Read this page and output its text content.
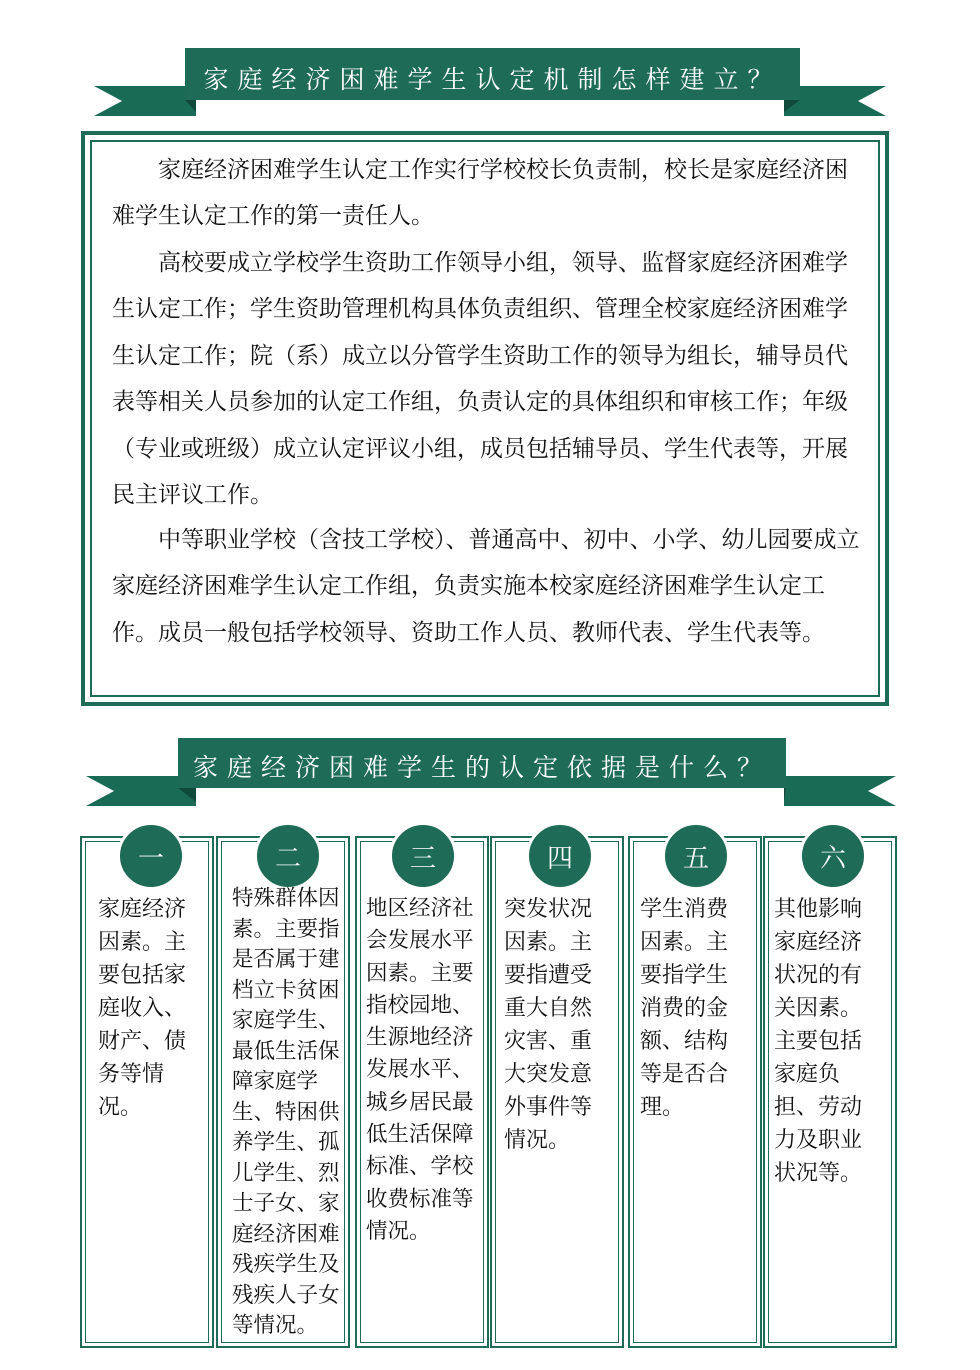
家庭经济困难学生认定机制怎样建立？

家庭经济困难学生认定工作实行学校校长负责制，校长是家庭经济困难学生认定工作的第一责任人。

高校要成立学校学生资助工作领导小组，领导、监督家庭经济困难学生认定工作；学生资助管理机构具体负责组织、管理全校家庭经济困难学生认定工作；院（系）成立以分管学生资助工作的领导为组长，辅导员代表等相关人员参加的认定工作组，负责认定的具体组织和审核工作；年级（专业或班级）成立认定评议小组，成员包括辅导员、学生代表等，开展民主评议工作。

中等职业学校（含技工学校）、普通高中、初中、小学、幼儿园要成立家庭经济困难学生认定工作组，负责实施本校家庭经济困难学生认定工作。成员一般包括学校领导、资助工作人员、教师代表、学生代表等。

家庭经济困难学生的认定依据是什么？
一	二	三	四	五	六

家庭经济因素。主要包括家庭收入、财产、债务等情况。

特殊群体因素。主要指是否属于建档立卡贫困家庭学生、最低生活保障家庭学生、特困供养学生、孤儿学生、烈士子女、家庭经济困难残疾学生及残疾人子女等情况。

地区经济社会发展水平因素。主要指校园地、生源地经济发展水平、城乡居民最低生活保障标准、学校收费标准等情况。

突发状况因素。主要指遭受重大自然灾害、重大突发意外事件等情况。

学生消费因素。主要指学生消费的金额、结构等是否合理。

其他影响家庭经济状况的有关因素。主要包括家庭负担、劳动力及职业状况等。
